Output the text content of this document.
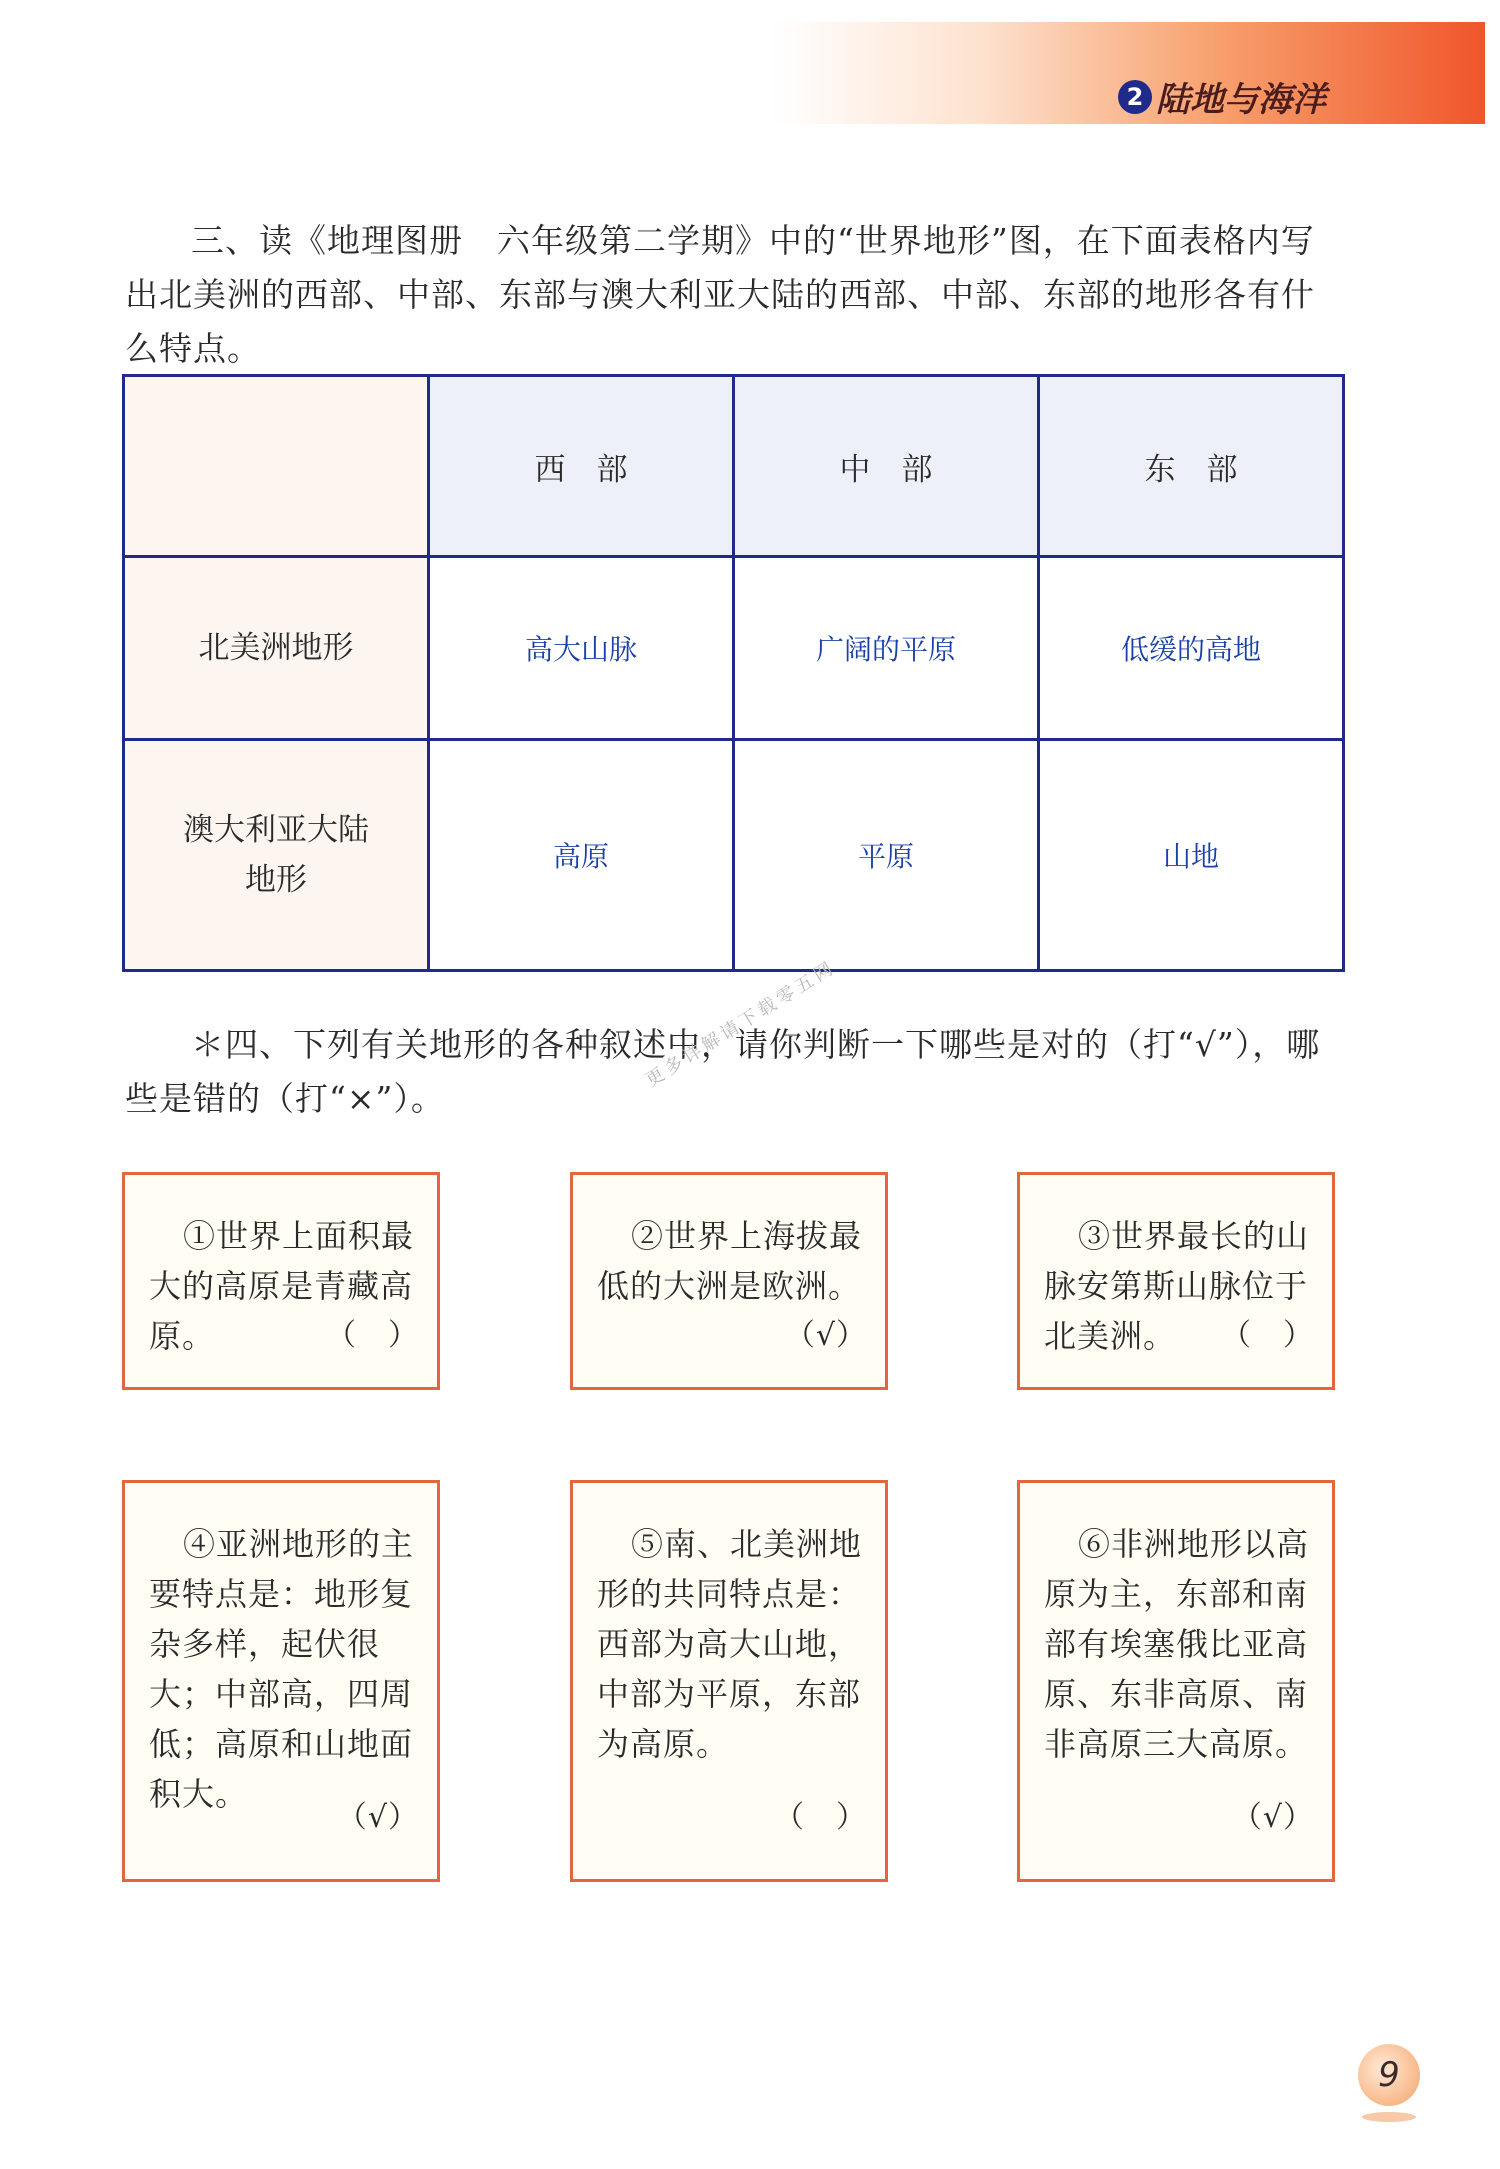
2 陆地与海洋

三、读《地理图册　六年级第二学期》中的“世界地形”图，在下面表格内写出北美洲的西部、中部、东部与澳大利亚大陆的西部、中部、东部的地形各有什么特点。

	西　部	中　部	东　部
北美洲地形	高大山脉	广阔的平原	低缓的高地
澳大利亚大陆
地形	高原	平原	山地

＊四、下列有关地形的各种叙述中，请你判断一下哪些是对的（打“√”），哪些是错的（打“×”）。

更多详解请下载零五网
①世界上面积最大的高原是青藏高原。	（　）
②世界上海拔最低的大洲是欧洲。
（√）
③世界最长的山脉安第斯山脉位于北美洲。	（　）
④亚洲地形的主要特点是：地形复杂多样，起伏很大；中部高，四周低；高原和山地面积大。
（√）
⑤南、北美洲地形的共同特点是：西部为高大山地，中部为平原，东部为高原。
（　）
⑥非洲地形以高原为主，东部和南部有埃塞俄比亚高原、东非高原、南非高原三大高原。
（√）
9
